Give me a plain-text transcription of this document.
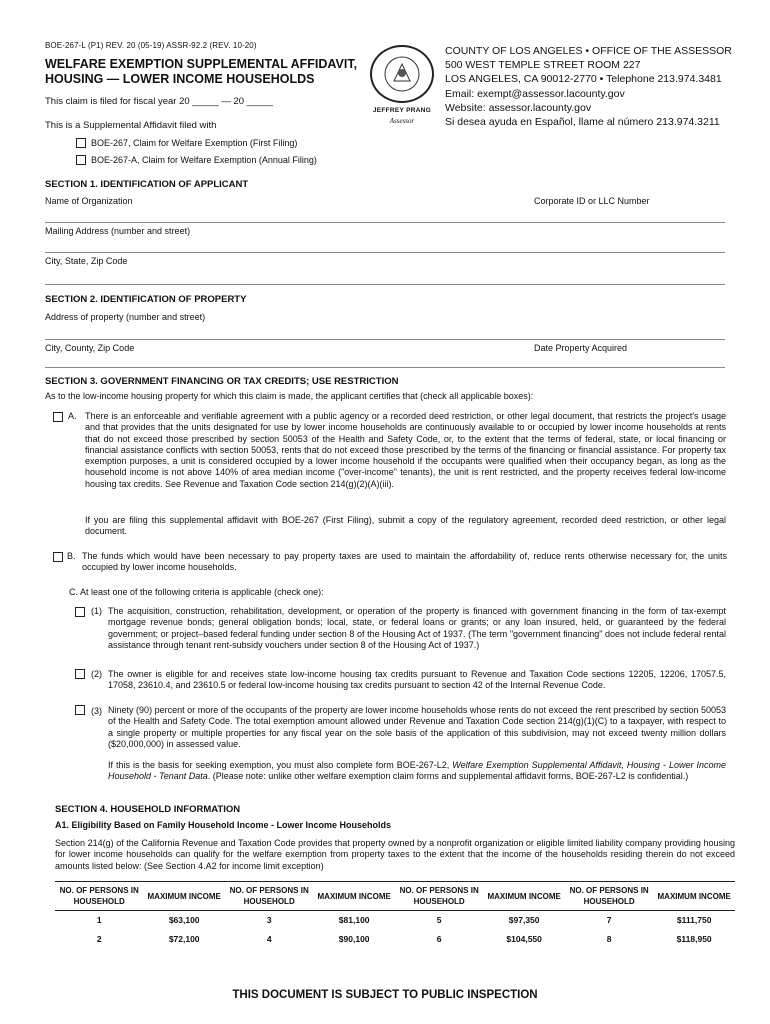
BOE-267-L (P1) REV. 20 (05-19) ASSR-92.2 (REV. 10-20)
WELFARE EXEMPTION SUPPLEMENTAL AFFIDAVIT,
HOUSING — LOWER INCOME HOUSEHOLDS
This claim is filed for fiscal year 20 _____ — 20 _____
This is a Supplemental Affidavit filed with
JEFFREY PRANG
Assessor
COUNTY OF LOS ANGELES • OFFICE OF THE ASSESSOR
500 WEST TEMPLE STREET ROOM 227
LOS ANGELES, CA 90012-2770 • Telephone 213.974.3481
Email: exempt@assessor.lacounty.gov
Website: assessor.lacounty.gov
Si desea ayuda en Español, llame al número 213.974.3211
BOE-267, Claim for Welfare Exemption (First Filing)
BOE-267-A, Claim for Welfare Exemption (Annual Filing)
SECTION 1. IDENTIFICATION OF APPLICANT
Name of Organization	Corporate ID or LLC Number
Mailing Address (number and street)
City, State, Zip Code
SECTION 2. IDENTIFICATION OF PROPERTY
Address of property (number and street)
City, County, Zip Code	Date Property Acquired
SECTION 3. GOVERNMENT FINANCING OR TAX CREDITS; USE RESTRICTION
As to the low-income housing property for which this claim is made, the applicant certifies that (check all applicable boxes):
A. There is an enforceable and verifiable agreement with a public agency or a recorded deed restriction, or other legal document, that restricts the project's usage and that provides that the units designated for use by lower income households are continuously available to or occupied by lower income households at rents that do not exceed those prescribed by section 50053 of the Health and Safety Code, or, to the extent that the terms of federal, state, or local financing or financial assistance conflicts with section 50053, rents that do not exceed those prescribed by the terms of the financing or financial assistance. For property tax exemption purposes, a unit is considered occupied by a lower income household if the occupants were qualified when their occupancy began, as long as the household income is not above 140% of area median income ("over-income" tenants), the unit is rent restricted, and the property receives federal low-income housing tax credits. See Revenue and Taxation Code section 214(g)(2)(A)(iii).
If you are filing this supplemental affidavit with BOE-267 (First Filing), submit a copy of the regulatory agreement, recorded deed restriction, or other legal document.
B. The funds which would have been necessary to pay property taxes are used to maintain the affordability of, reduce rents otherwise necessary for, the units occupied by lower income households.
C. At least one of the following criteria is applicable (check one):
(1) The acquisition, construction, rehabilitation, development, or operation of the property is financed with government financing in the form of tax-exempt mortgage revenue bonds; general obligation bonds; local, state, or federal loans or grants; or any loan insured, held, or guaranteed by the federal government; or project–based federal funding under section 8 of the Housing Act of 1937. (The term "government financing" does not include federal rental assistance through tenant rent-subsidy vouchers under section 8 of the Housing Act of 1937.)
(2) The owner is eligible for and receives state low-income housing tax credits pursuant to Revenue and Taxation Code sections 12205, 12206, 17057.5, 17058, 23610.4, and 23610.5 or federal low-income housing tax credits pursuant to section 42 of the Internal Revenue Code.
(3) Ninety (90) percent or more of the occupants of the property are lower income households whose rents do not exceed the rent prescribed by section 50053 of the Health and Safety Code. The total exemption amount allowed under Revenue and Taxation Code section 214(g)(1)(C) to a taxpayer, with respect to a single property or multiple properties for any fiscal year on the sole basis of the application of this subdivision, may not exceed twenty million dollars ($20,000,000) in assessed value.
If this is the basis for seeking exemption, you must also complete form BOE-267-L2, Welfare Exemption Supplemental Affidavit, Housing - Lower Income Household - Tenant Data. (Please note: unlike other welfare exemption claim forms and supplemental affidavit forms, BOE-267-L2 is confidential.)
SECTION 4. HOUSEHOLD INFORMATION
A1. Eligibility Based on Family Household Income - Lower Income Households
Section 214(g) of the California Revenue and Taxation Code provides that property owned by a nonprofit organization or eligible limited liability company providing housing for lower income households can qualify for the welfare exemption from property taxes to the extent that the income of the households residing therein do not exceed amounts listed below: (See Section 4.A2 for income limit exception)
NO. OF PERSONS IN HOUSEHOLD	MAXIMUM INCOME	NO. OF PERSONS IN HOUSEHOLD	MAXIMUM INCOME	NO. OF PERSONS IN HOUSEHOLD	MAXIMUM INCOME	NO. OF PERSONS IN HOUSEHOLD	MAXIMUM INCOME
1	$63,100	3	$81,100	5	$97,350	7	$111,750
2	$72,100	4	$90,100	6	$104,550	8	$118,950
THIS DOCUMENT IS SUBJECT TO PUBLIC INSPECTION
